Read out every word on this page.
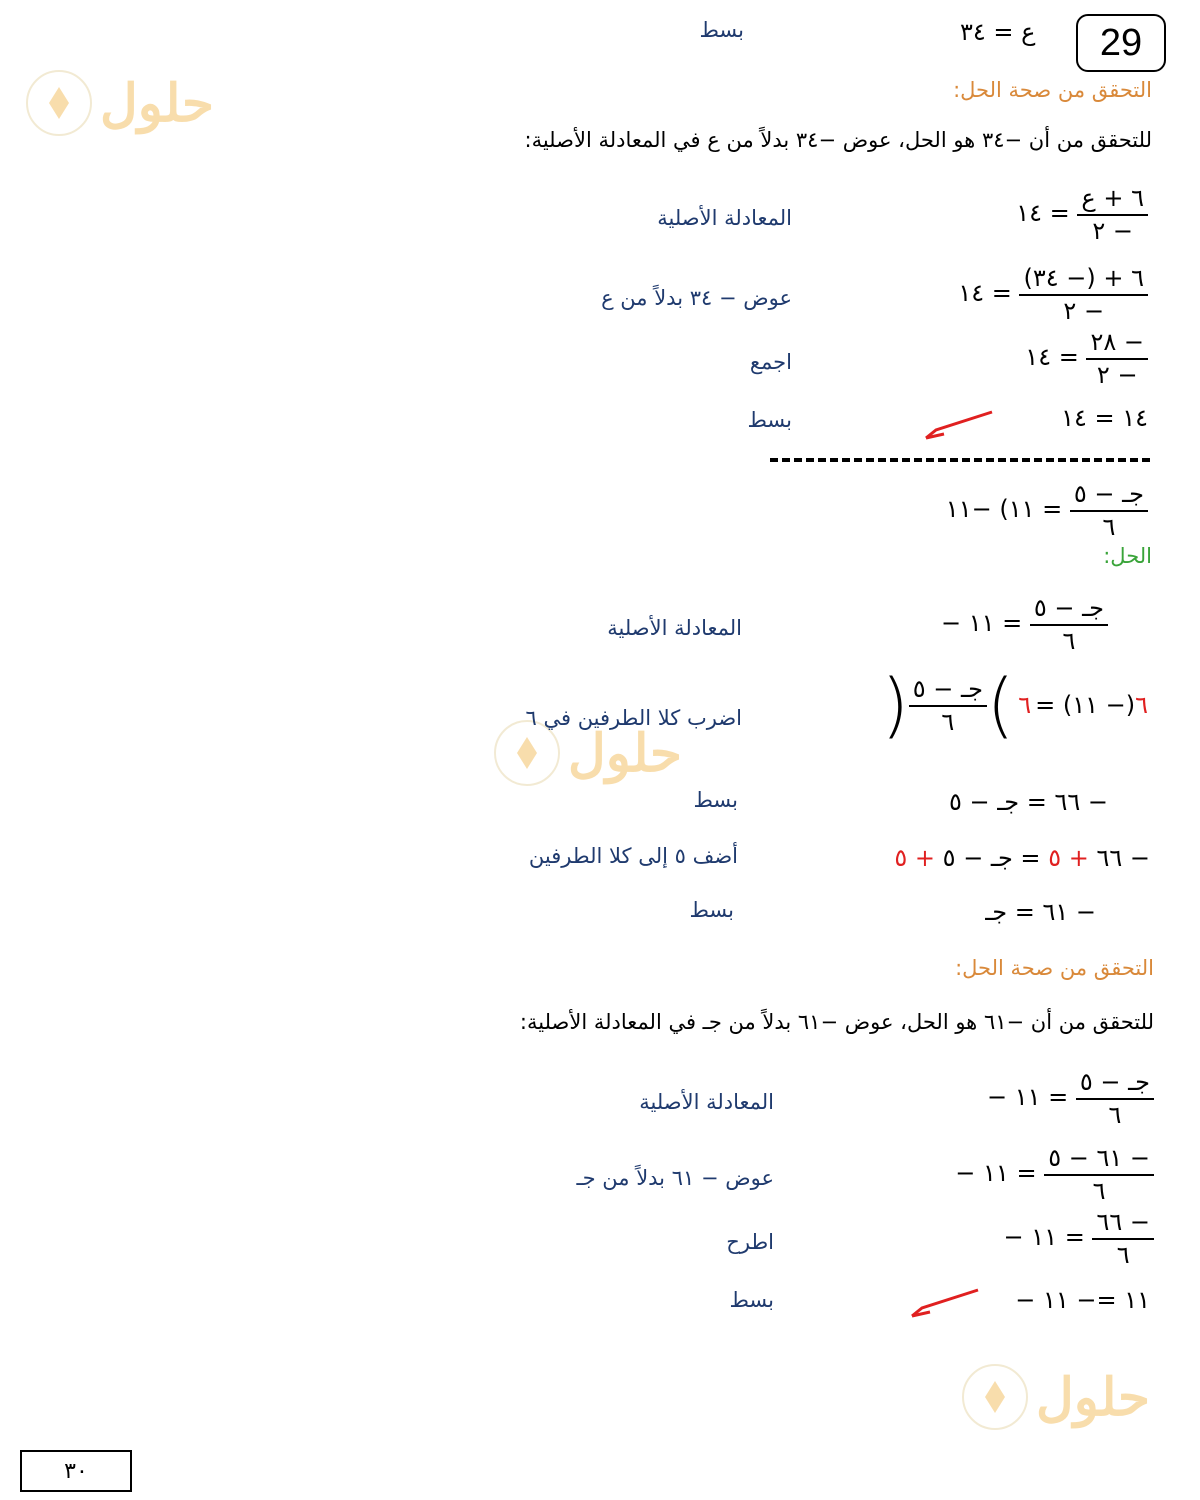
29
ع = ٣٤
بسط
حلول
حلول
حلول
التحقق من صحة الحل:
للتحقق من أن −٣٤ هو الحل، عوض −٣٤ بدلاً من ع في المعادلة الأصلية:
١٤ = $\frac{\text{٦ + ع}}{- ٢}$
المعادلة الأصلية
١٤ = $\frac{٦ + (- ٣٤)}{- ٢}$
عوض − ٣٤ بدلاً من ع
١٤ = $\frac{- ٢٨}{- ٢}$
اجمع
١٤ = ١٤
بسط
١١) −١١ = $\frac{\text{جـ − ٥}}{٦}$
الحل:
− ١١ = $\frac{\text{جـ − ٥}}{٦}$
المعادلة الأصلية
٦
(− ١١) =
٦
)
$\frac{\text{جـ − ٥}}{٦}$
(
اضرب كلا الطرفين في ٦
− ٦٦ = جـ − ٥
بسط
− ٦٦ + ٥ = جـ − ٥ + ٥
أضف ٥ إلى كلا الطرفين
− ٦١ = جـ
بسط
التحقق من صحة الحل:
للتحقق من أن −٦١ هو الحل، عوض −٦١ بدلاً من جـ في المعادلة الأصلية:
− ١١ = $\frac{\text{جـ − ٥}}{٦}$
المعادلة الأصلية
− ١١ = $\frac{- ٦١ - ٥}{٦}$
عوض − ٦١ بدلاً من جـ
− ١١ = $\frac{- ٦٦}{٦}$
اطرح
− ١١ =− ١١
بسط
٣٠
